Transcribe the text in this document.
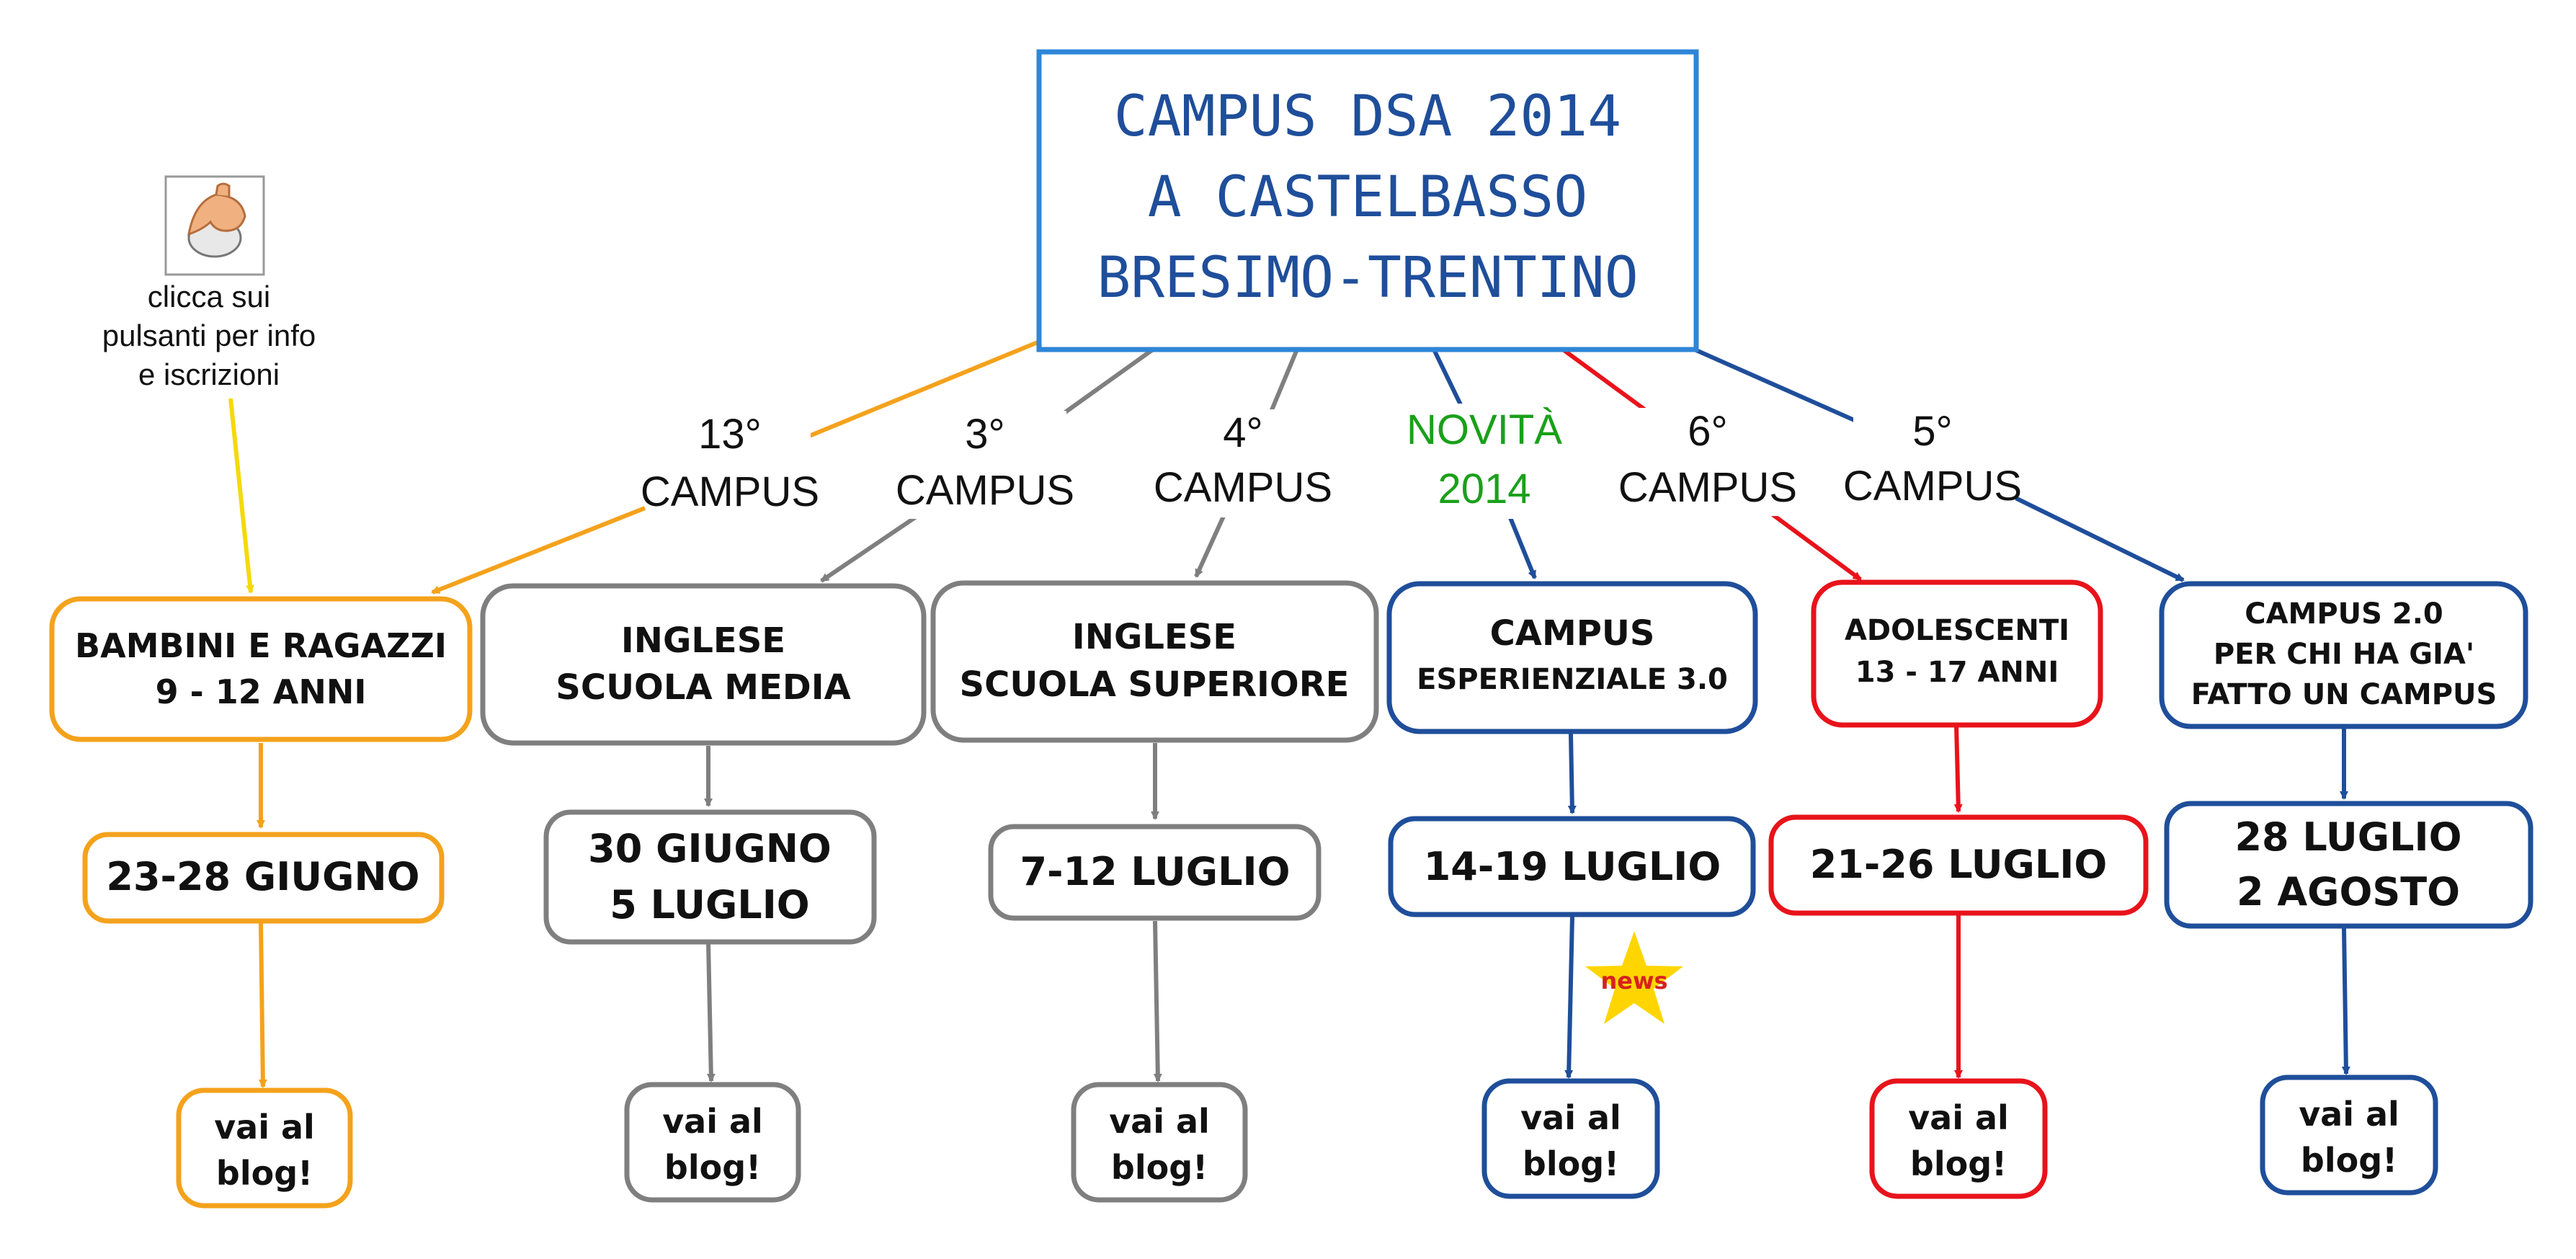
CAMPUS DSA 2014
A CASTELBASSO
BRESIMO-TRENTINO
clicca sui
pulsanti per info
e iscrizioni
13°
CAMPUS
3°
CAMPUS
4°
CAMPUS
NOVITÀ
2014
6°
CAMPUS
5°
CAMPUS
BAMBINI E RAGAZZI
9 - 12 ANNI
23-28 GIUGNO
vai al
blog!
INGLESE
SCUOLA MEDIA
30 GIUGNO
5 LUGLIO
vai al
blog!
INGLESE
SCUOLA SUPERIORE
7-12 LUGLIO
vai al
blog!
CAMPUS
ESPERIENZIALE 3.0
14-19 LUGLIO
news
vai al
blog!
ADOLESCENTI
13 - 17 ANNI
21-26 LUGLIO
vai al
blog!
CAMPUS 2.0
PER CHI HA GIA'
FATTO UN CAMPUS
28 LUGLIO
2 AGOSTO
vai al
blog!
